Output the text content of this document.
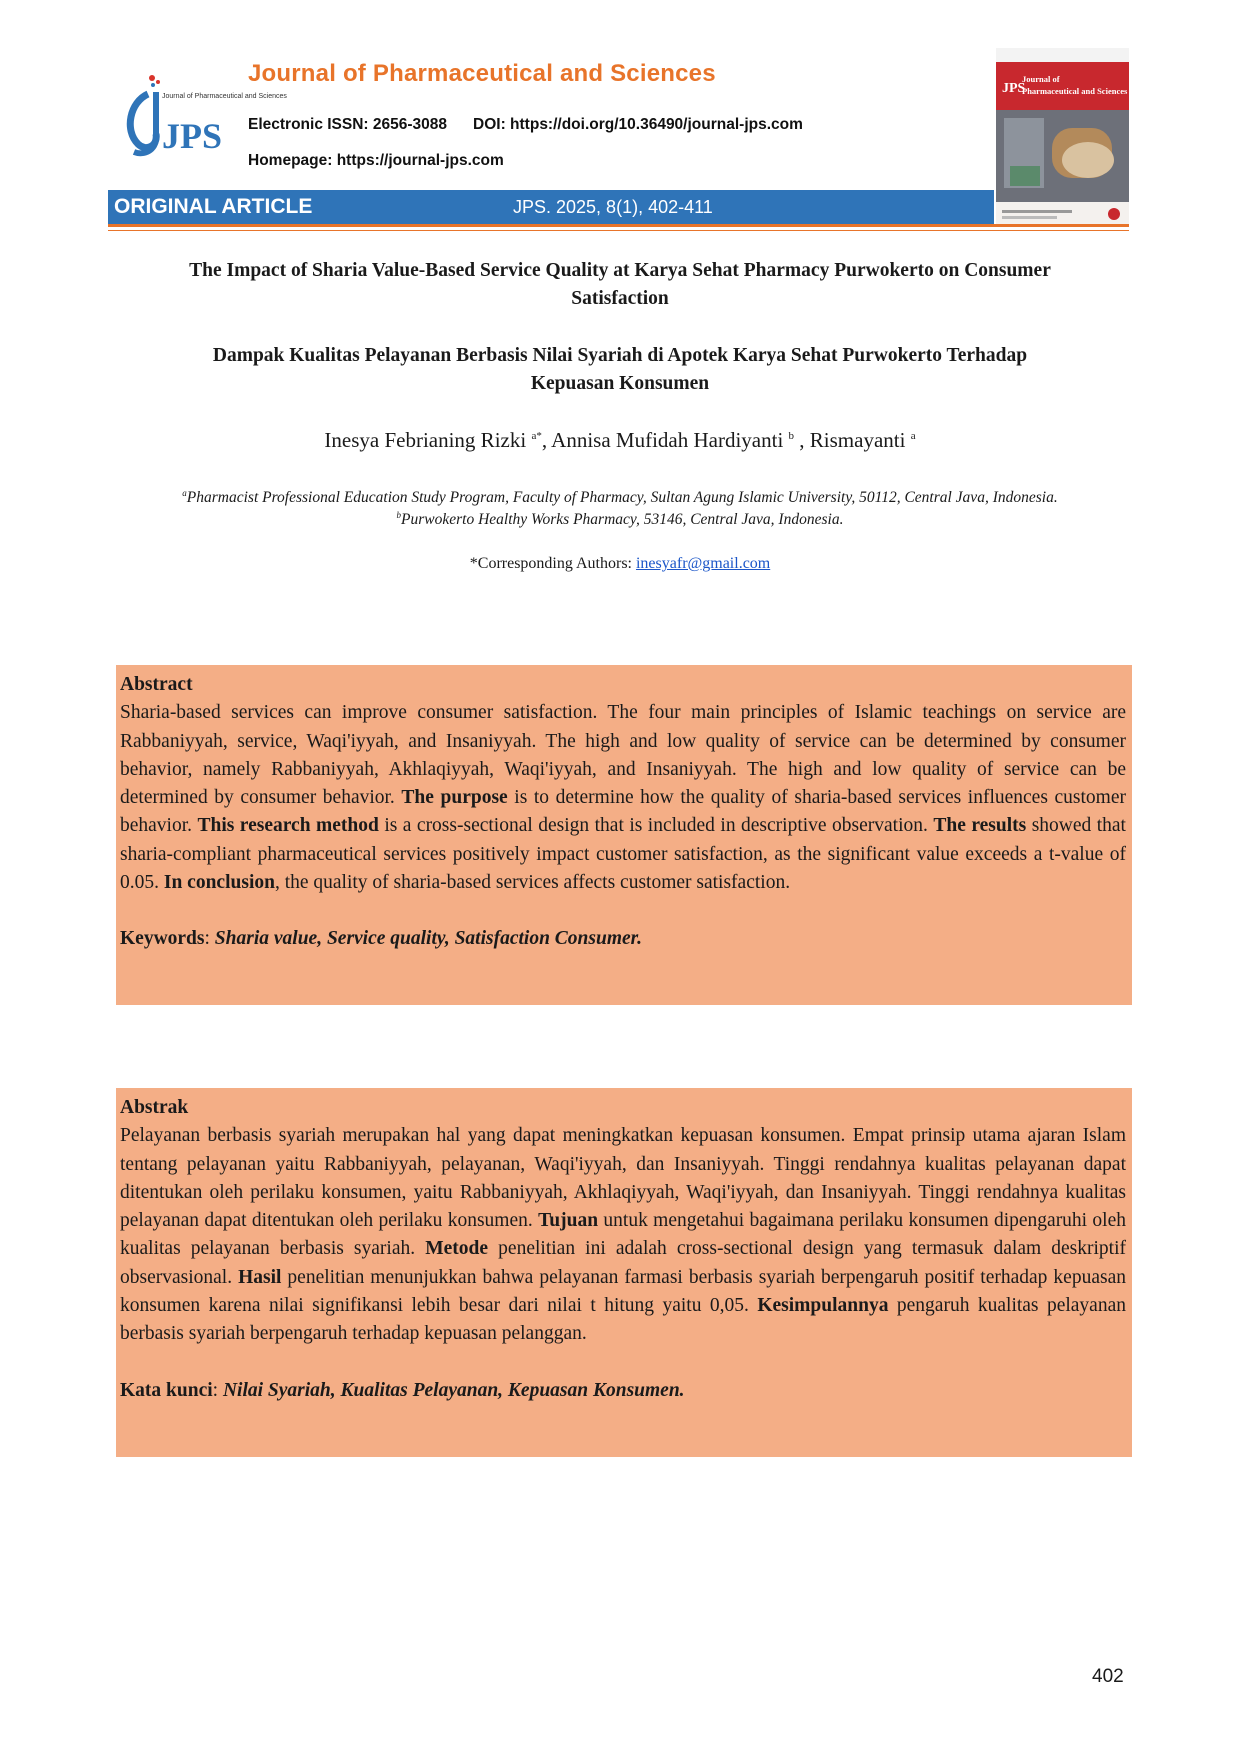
Journal of Pharmaceutical and Sciences
JPS
Journal of Pharmaceutical and Sciences
Electronic ISSN: 2656-3088 DOI: https://doi.org/10.36490/journal-jps.com
Homepage: https://journal-jps.com
Journal of
Pharmaceutical and Sciences
JPS
ORIGINAL ARTICLE	JPS. 2025, 8(1), 402-411
The Impact of Sharia Value-Based Service Quality at Karya Sehat Pharmacy Purwokerto on Consumer
Satisfaction
Dampak Kualitas Pelayanan Berbasis Nilai Syariah di Apotek Karya Sehat Purwokerto Terhadap
Kepuasan Konsumen
Inesya Febrianing Rizki $^{a*}$, Annisa Mufidah Hardiyanti $^b$ , Rismayanti $^a$
$^a$Pharmacist Professional Education Study Program, Faculty of Pharmacy, Sultan Agung Islamic University, 50112, Central Java, Indonesia.
$^b$Purwokerto Healthy Works Pharmacy, 53146, Central Java, Indonesia.
*Corresponding Authors: inesyafr@gmail.com
Abstract
Sharia-based services can improve consumer satisfaction. The four main principles of Islamic teachings on service are Rabbaniyyah, service, Waqi'iyyah, and Insaniyyah. The high and low quality of service can be determined by consumer behavior, namely Rabbaniyyah, Akhlaqiyyah, Waqi'iyyah, and Insaniyyah. The high and low quality of service can be determined by consumer behavior. The purpose is to determine how the quality of sharia-based services influences customer behavior. This research method is a cross-sectional design that is included in descriptive observation. The results showed that sharia-compliant pharmaceutical services positively impact customer satisfaction, as the significant value exceeds a t-value of 0.05. In conclusion, the quality of sharia-based services affects customer satisfaction.
Keywords: Sharia value, Service quality, Satisfaction Consumer.
Abstrak
Pelayanan berbasis syariah merupakan hal yang dapat meningkatkan kepuasan konsumen. Empat prinsip utama ajaran Islam tentang pelayanan yaitu Rabbaniyyah, pelayanan, Waqi'iyyah, dan Insaniyyah. Tinggi rendahnya kualitas pelayanan dapat ditentukan oleh perilaku konsumen, yaitu Rabbaniyyah, Akhlaqiyyah, Waqi'iyyah, dan Insaniyyah. Tinggi rendahnya kualitas pelayanan dapat ditentukan oleh perilaku konsumen. Tujuan untuk mengetahui bagaimana perilaku konsumen dipengaruhi oleh kualitas pelayanan berbasis syariah. Metode penelitian ini adalah cross-sectional design yang termasuk dalam deskriptif observasional. Hasil penelitian menunjukkan bahwa pelayanan farmasi berbasis syariah berpengaruh positif terhadap kepuasan konsumen karena nilai signifikansi lebih besar dari nilai t hitung yaitu 0,05. Kesimpulannya pengaruh kualitas pelayanan berbasis syariah berpengaruh terhadap kepuasan pelanggan.
Kata kunci: Nilai Syariah, Kualitas Pelayanan, Kepuasan Konsumen.
402
